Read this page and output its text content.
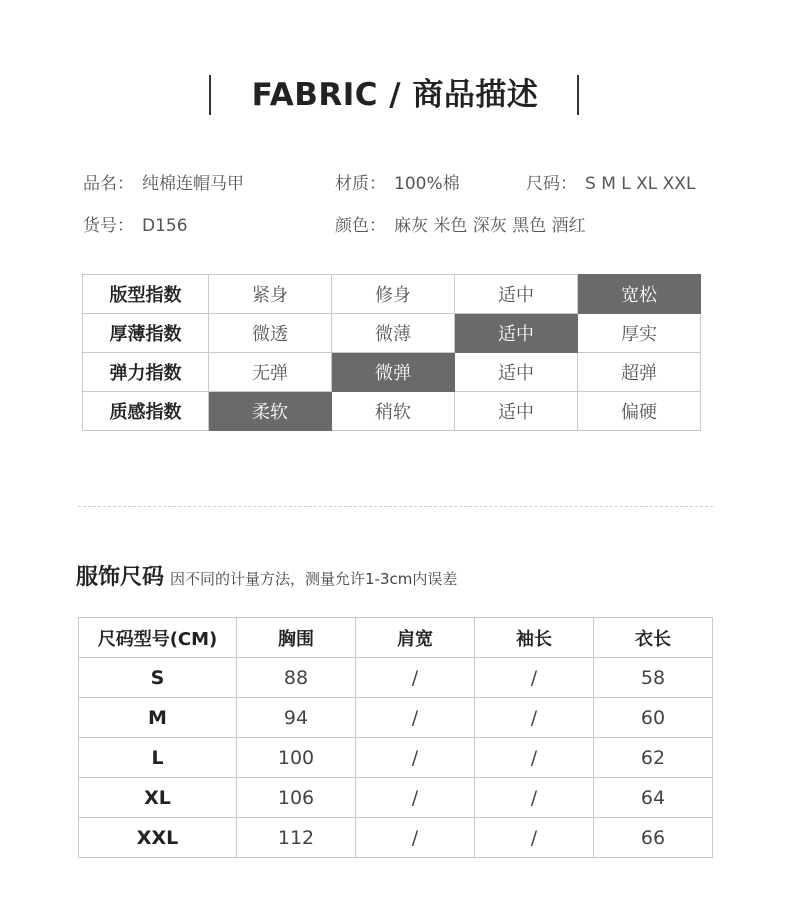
FABRIC / 商品描述
品名： 纯棉连帽马甲	材质： 100%棉	尺码： S M L XL XXL
货号： D156	颜色： 麻灰 米色 深灰 黑色 酒红
版型指数	紧身	修身	适中	宽松
厚薄指数	微透	微薄	适中	厚实
弹力指数	无弹	微弹	适中	超弹
质感指数	柔软	稍软	适中	偏硬
服饰尺码 因不同的计量方法，测量允许1-3cm内误差
尺码型号(CM)	胸围	肩宽	袖长	衣长
S	88	/	/	58
M	94	/	/	60
L	100	/	/	62
XL	106	/	/	64
XXL	112	/	/	66
